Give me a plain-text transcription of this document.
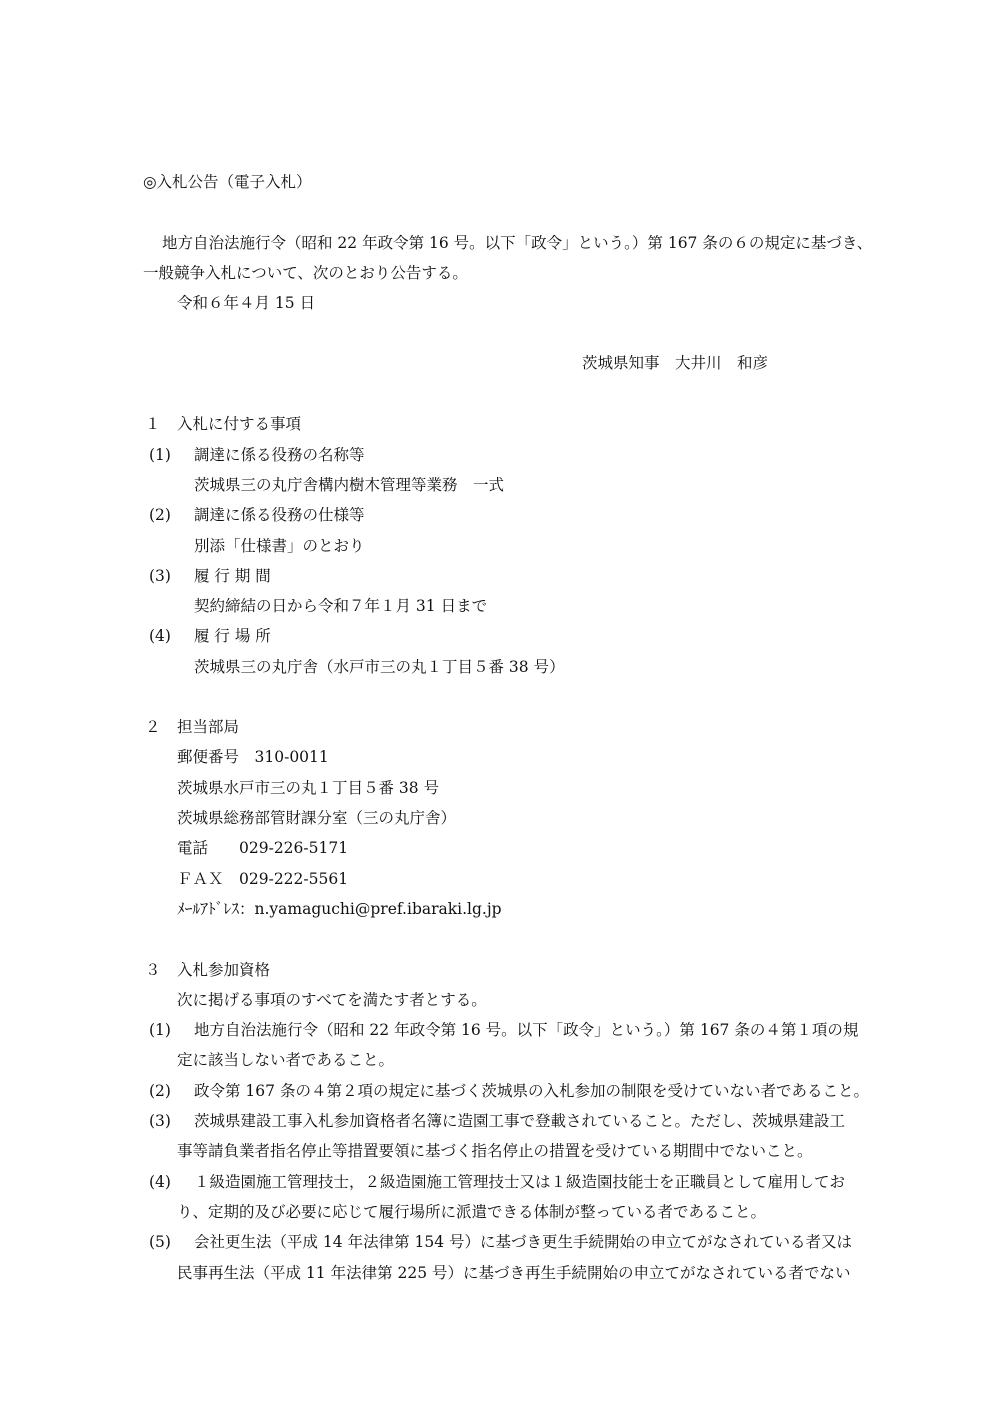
◎入札公告（電子入札）
地方自治法施行令（昭和 22 年政令第 16 号。以下「政令」という。）第 167 条の６の規定に基づき、
一般競争入札について、次のとおり公告する。
令和６年４月 15 日
茨城県知事　大井川　和彦
１ 入札に付する事項
(1) 調達に係る役務の名称等
茨城県三の丸庁舎構内樹木管理等業務　一式
(2) 調達に係る役務の仕様等
別添「仕様書」のとおり
(3) 履 行 期 間
契約締結の日から令和７年１月 31 日まで
(4) 履 行 場 所
茨城県三の丸庁舎（水戸市三の丸１丁目５番 38 号）
２ 担当部局
郵便番号　310-0011
茨城県水戸市三の丸１丁目５番 38 号
茨城県総務部管財課分室（三の丸庁舎）
電話　　029-226-5171
ＦＡＸ　029-222-5561
ﾒｰﾙｱﾄﾞﾚｽ：n.yamaguchi@pref.ibaraki.lg.jp
３ 入札参加資格
次に掲げる事項のすべてを満たす者とする。
(1) 地方自治法施行令（昭和 22 年政令第 16 号。以下「政令」という。）第 167 条の４第１項の規
定に該当しない者であること。
(2) 政令第 167 条の４第２項の規定に基づく茨城県の入札参加の制限を受けていない者であること。
(3) 茨城県建設工事入札参加資格者名簿に造園工事で登載されていること。ただし、茨城県建設工
事等請負業者指名停止等措置要領に基づく指名停止の措置を受けている期間中でないこと。
(4) １級造園施工管理技士，２級造園施工管理技士又は１級造園技能士を正職員として雇用してお
り、定期的及び必要に応じて履行場所に派遣できる体制が整っている者であること。
(5) 会社更生法（平成 14 年法律第 154 号）に基づき更生手続開始の申立てがなされている者又は
民事再生法（平成 11 年法律第 225 号）に基づき再生手続開始の申立てがなされている者でない
